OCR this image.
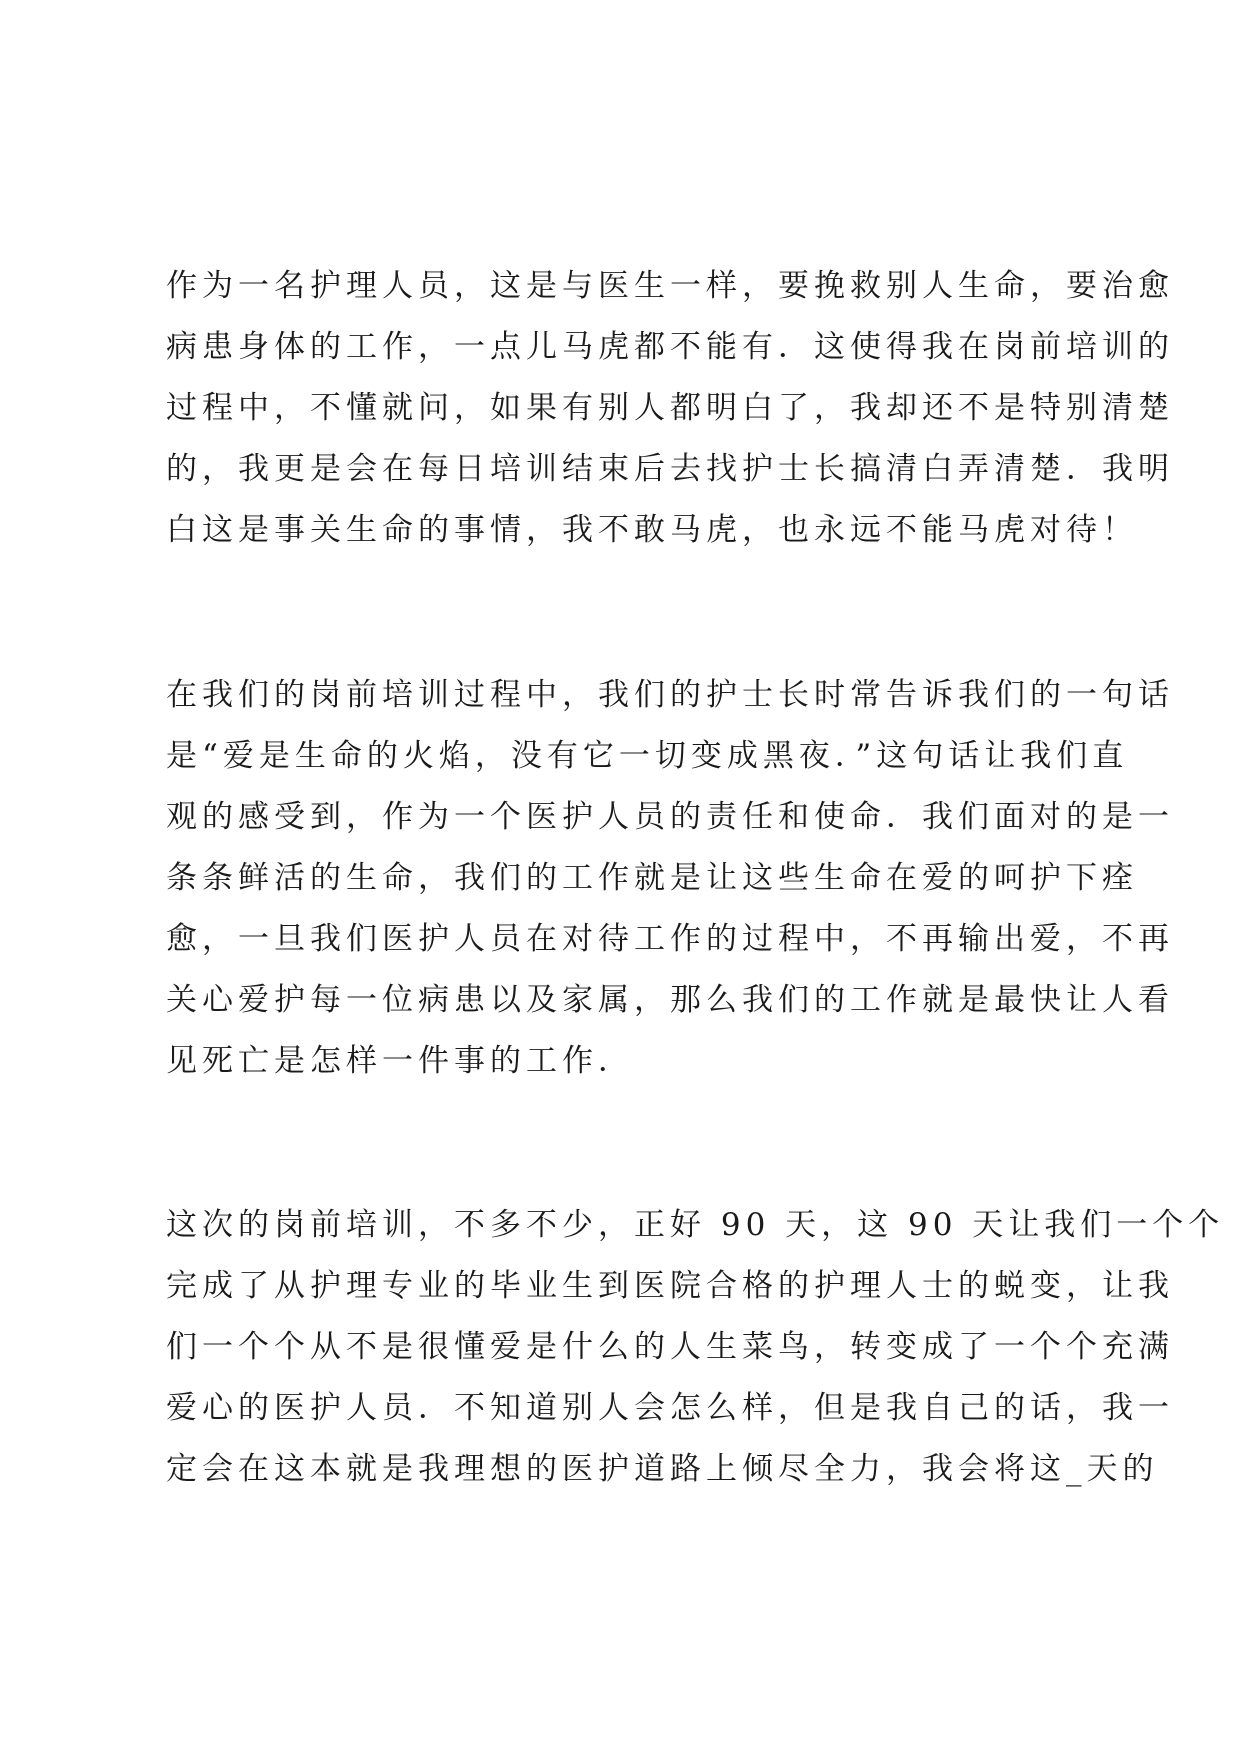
作为一名护理人员，这是与医生一样，要挽救别人生命，要治愈
病患身体的工作，一点儿马虎都不能有．这使得我在岗前培训的
过程中，不懂就问，如果有别人都明白了，我却还不是特别清楚
的，我更是会在每日培训结束后去找护士长搞清白弄清楚．我明
白这是事关生命的事情，我不敢马虎，也永远不能马虎对待！
在我们的岗前培训过程中，我们的护士长时常告诉我们的一句话
是“爱是生命的火焰，没有它一切变成黑夜．”这句话让我们直
观的感受到，作为一个医护人员的责任和使命．我们面对的是一
条条鲜活的生命，我们的工作就是让这些生命在爱的呵护下痊
愈，一旦我们医护人员在对待工作的过程中，不再输出爱，不再
关心爱护每一位病患以及家属，那么我们的工作就是最快让人看
见死亡是怎样一件事的工作．
这次的岗前培训，不多不少，正好 90 天，这 90 天让我们一个个
完成了从护理专业的毕业生到医院合格的护理人士的蜕变，让我
们一个个从不是很懂爱是什么的人生菜鸟，转变成了一个个充满
爱心的医护人员．不知道别人会怎么样，但是我自己的话，我一
定会在这本就是我理想的医护道路上倾尽全力，我会将这_天的
